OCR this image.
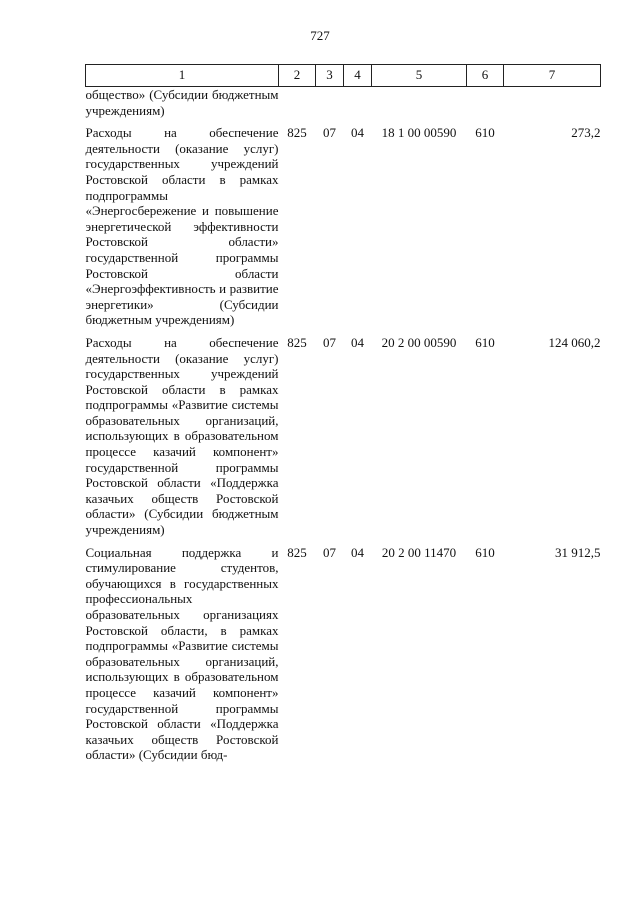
727
1	2	3	4	5	6	7
общество» (Субсидии бюджетным учреждениям)						

Расходы на обеспечение деятельности (оказание услуг) государственных учреждений Ростовской области в рамках подпрограммы «Энергосбережение и повышение энергетической эффективности Ростовской области» государственной программы Ростовской области «Энергоэффективность и развитие энергетики» (Субсидии бюджетным учреждениям)	825	07	04	18 1 00 00590	610	273,2

Расходы на обеспечение деятельности (оказание услуг) государственных учреждений Ростовской области в рамках подпрограммы «Развитие системы образовательных организаций, использующих в образовательном процессе казачий компонент» государственной программы Ростовской области «Поддержка казачьих обществ Ростовской области» (Субсидии бюджетным учреждениям)	825	07	04	20 2 00 00590	610	124 060,2

Социальная поддержка и стимулирование студентов, обучающихся в государственных профессиональных образовательных организациях Ростовской области, в рамках подпрограммы «Развитие системы образовательных организаций, использующих в образовательном процессе казачий компонент» государственной программы Ростовской области «Поддержка казачьих обществ Ростовской области» (Субсидии бюд-	825	07	04	20 2 00 11470	610	31 912,5
